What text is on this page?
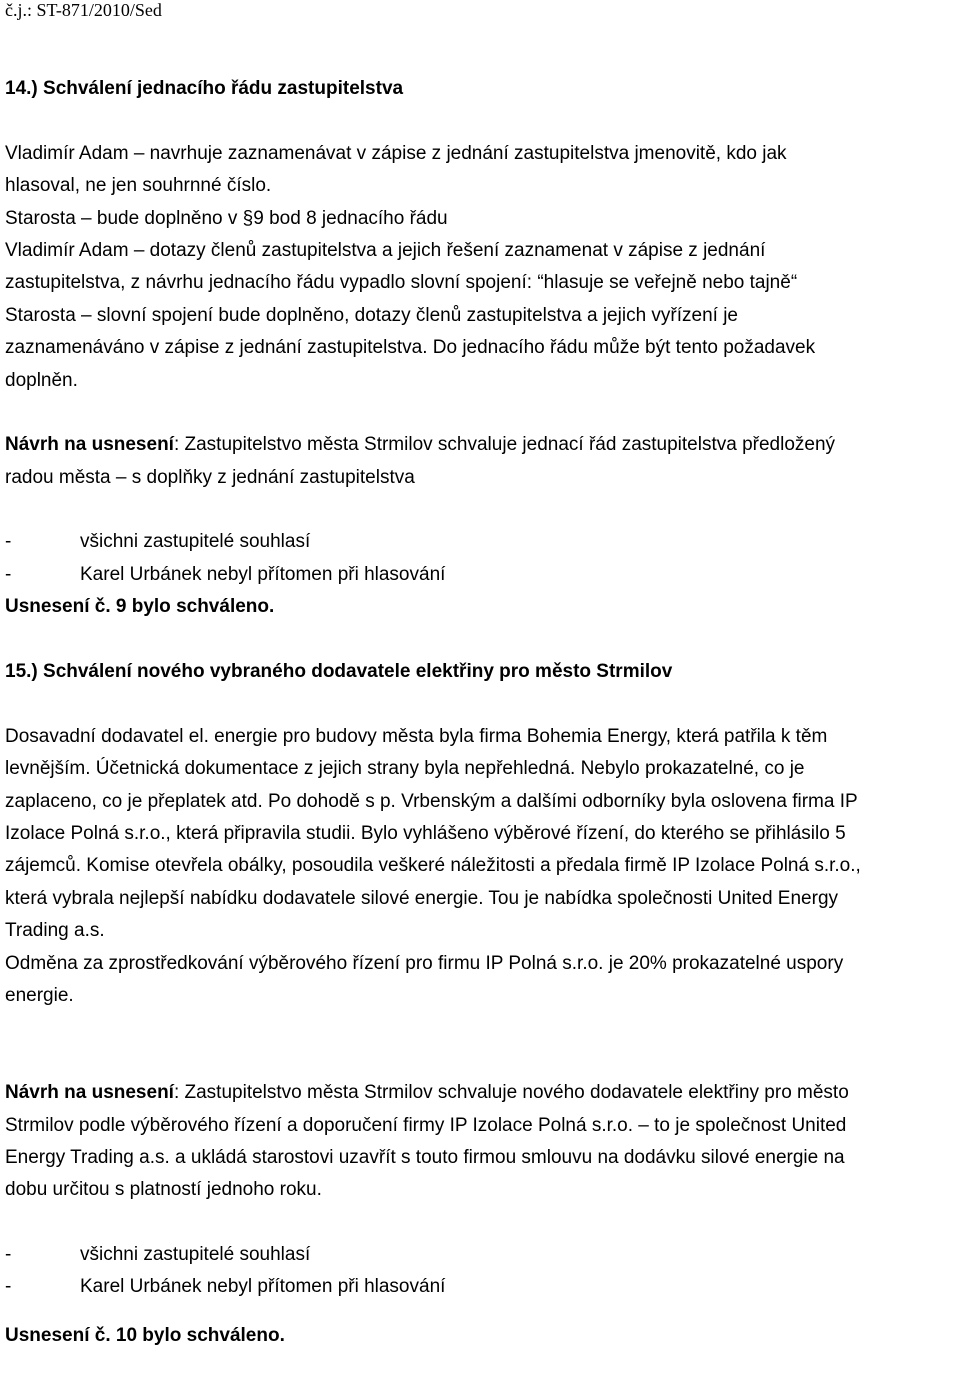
č.j.: ST-871/2010/Sed
14.) Schválení jednacího řádu zastupitelstva
Vladimír Adam – navrhuje zaznamenávat v zápise z jednání zastupitelstva jmenovitě, kdo jak
hlasoval, ne jen souhrnné číslo.
Starosta – bude doplněno v §9 bod 8 jednacího řádu
Vladimír Adam – dotazy členů zastupitelstva a jejich řešení zaznamenat v zápise z jednání
zastupitelstva, z návrhu jednacího řádu vypadlo slovní spojení: “hlasuje se veřejně nebo tajně“
Starosta – slovní spojení bude doplněno, dotazy členů zastupitelstva a jejich vyřízení je
zaznamenáváno v zápise z jednání zastupitelstva. Do jednacího řádu může být tento požadavek
doplněn.
Návrh na usnesení: Zastupitelstvo města Strmilov schvaluje jednací řád zastupitelstva předložený
radou města – s doplňky z jednání zastupitelstva
-	všichni zastupitelé souhlasí
-	Karel Urbánek nebyl přítomen při hlasování
Usnesení č. 9 bylo schváleno.
15.) Schválení nového vybraného dodavatele elektřiny pro město Strmilov
Dosavadní dodavatel el. energie pro budovy města byla firma Bohemia Energy, která patřila k těm
levnějším. Účetnická dokumentace z jejich strany byla nepřehledná. Nebylo prokazatelné, co je
zaplaceno, co je přeplatek atd. Po dohodě s p. Vrbenským a dalšími odborníky byla oslovena firma IP
Izolace Polná s.r.o., která připravila studii. Bylo vyhlášeno výběrové řízení, do kterého se přihlásilo 5
zájemců. Komise otevřela obálky, posoudila veškeré náležitosti a předala firmě IP Izolace Polná s.r.o.,
která vybrala nejlepší nabídku dodavatele silové energie. Tou je nabídka společnosti United Energy
Trading a.s.
Odměna za zprostředkování výběrového řízení pro firmu IP Polná s.r.o. je 20% prokazatelné uspory
energie.
Návrh na usnesení: Zastupitelstvo města Strmilov schvaluje nového dodavatele elektřiny pro město
Strmilov podle výběrového řízení a doporučení firmy IP Izolace Polná s.r.o. – to je společnost United
Energy Trading a.s. a ukládá starostovi uzavřít s touto firmou smlouvu na dodávku silové energie na
dobu určitou s platností jednoho roku.
-	všichni zastupitelé souhlasí
-	Karel Urbánek nebyl přítomen při hlasování
Usnesení č. 10 bylo schváleno.
